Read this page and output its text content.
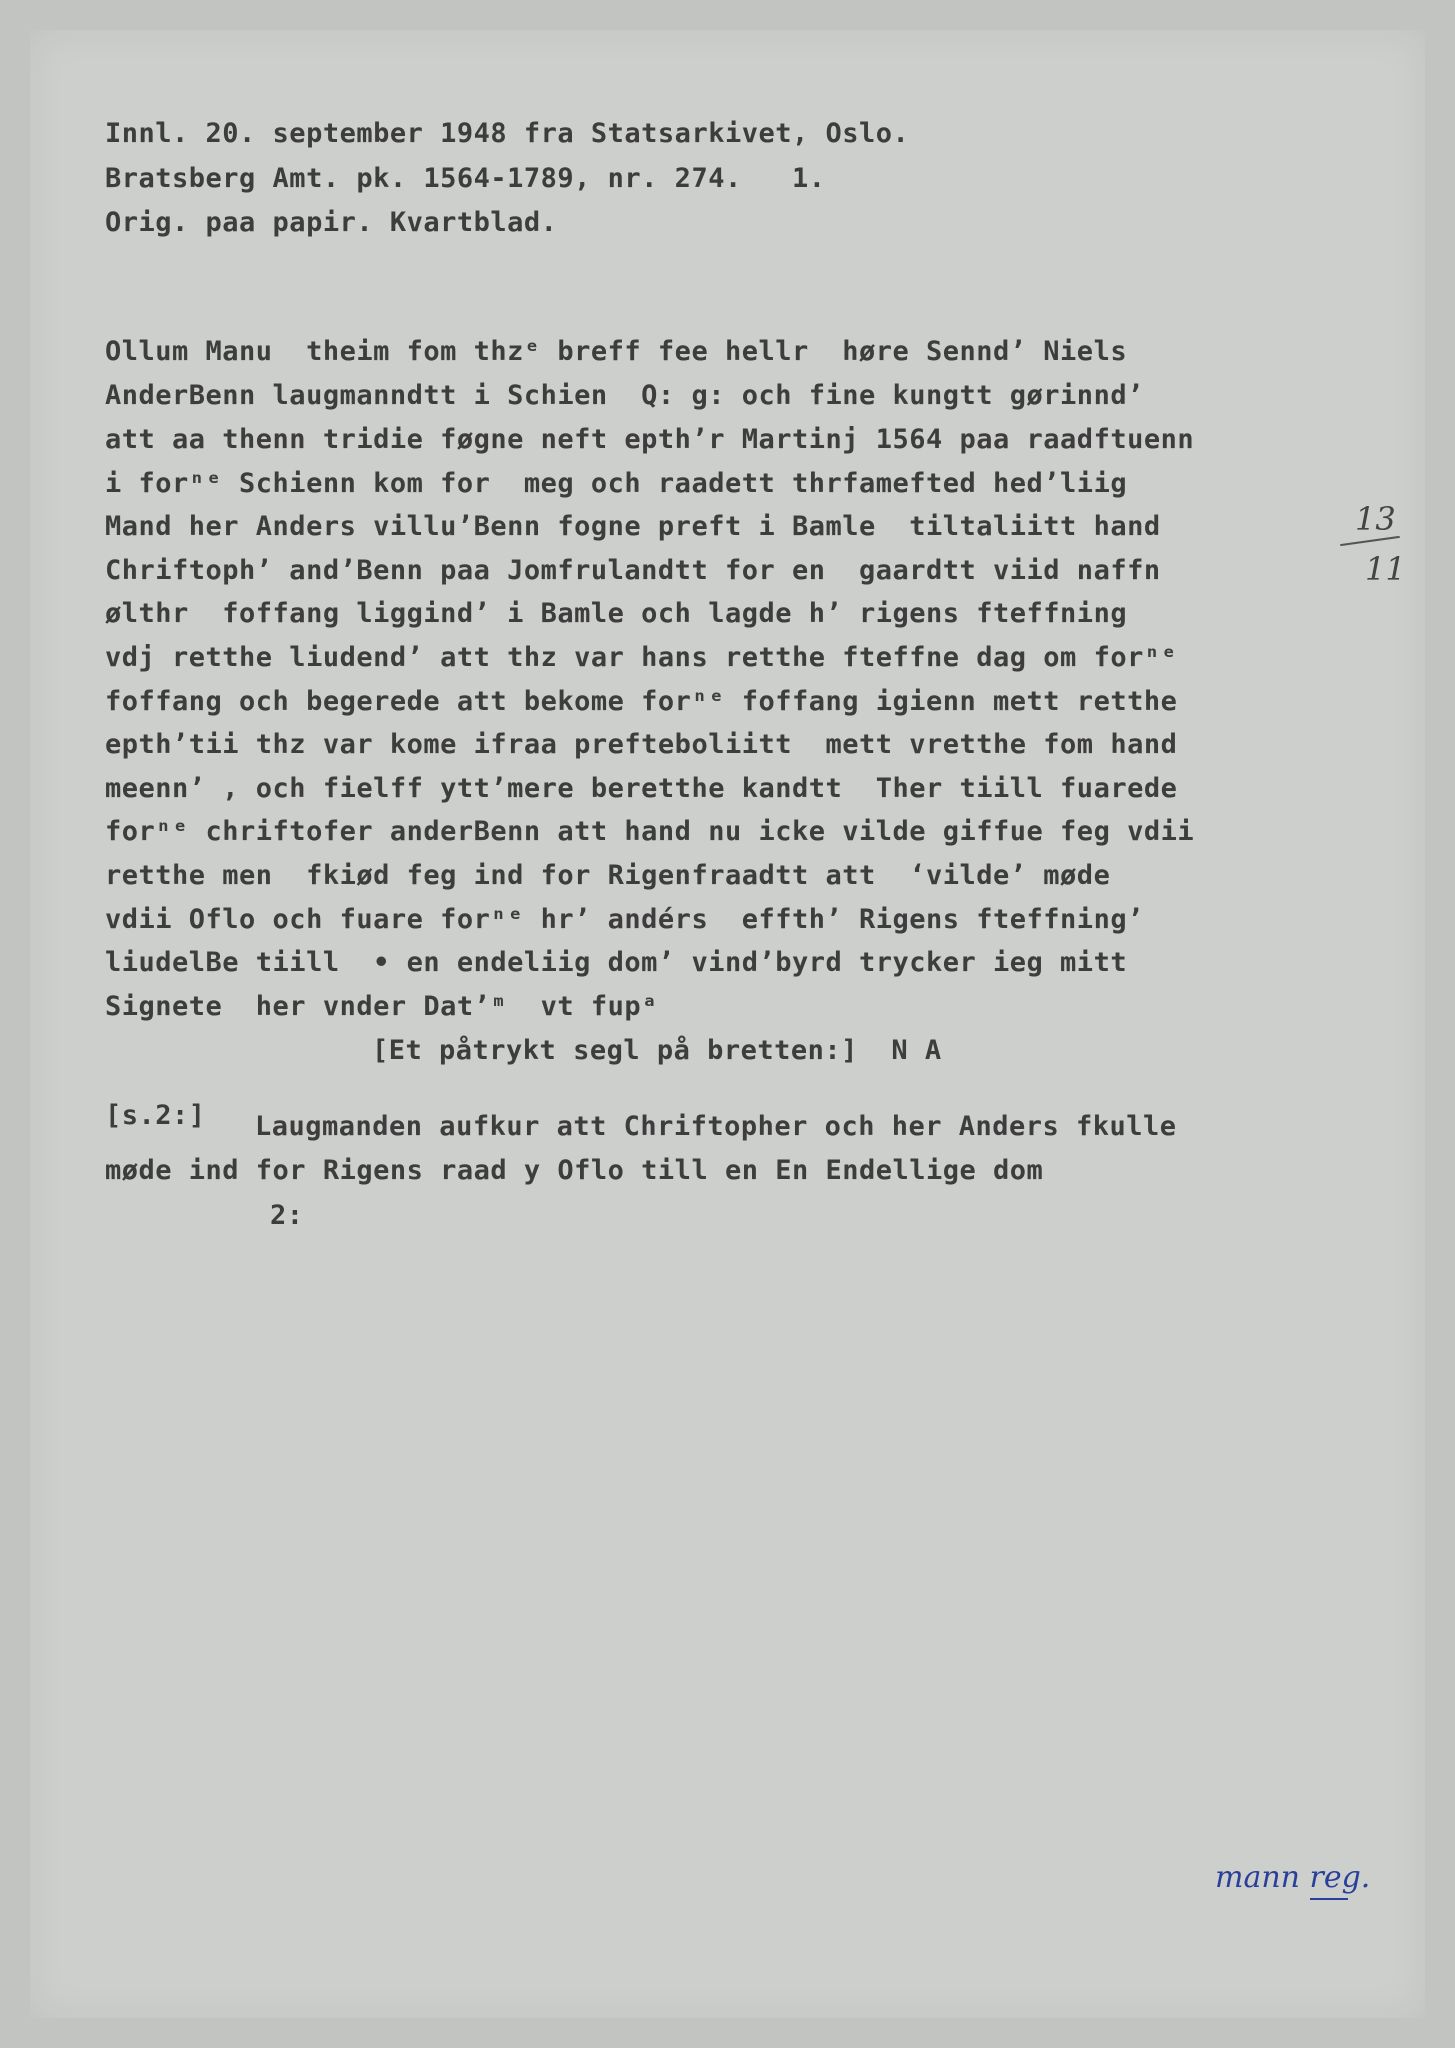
Innl. 20. september 1948 fra Statsarkivet, Oslo.
Bratsberg Amt. pk. 1564-1789, nr. 274.   1.
Orig. paa papir. Kvartblad.
Ollum Manu  theim fom thzᵉ breff fee hellr  høre Senndʼ Niels
AnderBenn laugmanndtt i Schien  Q: g: och fine kungtt gørinndʼ
att aa thenn tridie føgne neft epthʼr Martinj 1564 paa raadftuenn
i forⁿᵉ Schienn kom for  meg och raadett thrfamefted hedʼliig
Mand her Anders villuʼBenn fogne preft i Bamle  tiltaliitt hand
Chriftophʼ andʼBenn paa Jomfrulandtt for en  gaardtt viid naffn
ølthr  foffang liggindʼ i Bamle och lagde hʼ rigens fteffning
vdj retthe liudendʼ att thz var hans retthe fteffne dag om forⁿᵉ
foffang och begerede att bekome forⁿᵉ foffang igienn mett retthe
epthʼtii thz var kome ifraa prefteboliitt  mett vretthe fom hand
meennʼ , och fielff yttʼmere beretthe kandtt  Ther tiill fuarede
forⁿᵉ chriftofer anderBenn att hand nu icke vilde giffue feg vdii
retthe men  fkiød feg ind for Rigenfraadtt att  ‘vilde’ møde
vdii Oflo och fuare forⁿᵉ hrʼ andérs  effthʼ Rigens fteffningʼ
liudelBe tiill  • en endeliig domʼ vindʼbyrd trycker ieg mitt
Signete  her vnder Datʼᵐ  vt fupᵃ
[Et påtrykt segl på bretten:]  N A
[s.2:] Laugmanden aufkur att Chriftopher och her Anders fkulle
møde ind for Rigens raad y Oflo till en En Endellige dom
2:
13
11
mann reg.
